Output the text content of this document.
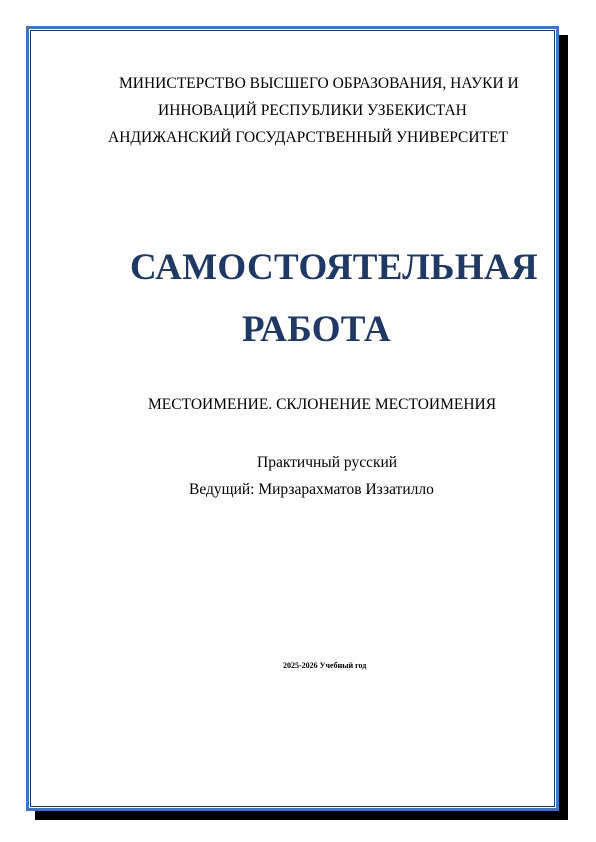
МИНИСТЕРСТВО ВЫСШЕГО ОБРАЗОВАНИЯ, НАУКИ И
ИННОВАЦИЙ РЕСПУБЛИКИ УЗБЕКИСТАН
АНДИЖАНСКИЙ ГОСУДАРСТВЕННЫЙ УНИВЕРСИТЕТ
САМОСТОЯТЕЛЬНАЯ
РАБОТА
МЕСТОИМЕНИЕ. СКЛОНЕНИЕ МЕСТОИМЕНИЯ
Практичный русский
Ведущий: Мирзарахматов Иззатилло
2025-2026 Учебный год
